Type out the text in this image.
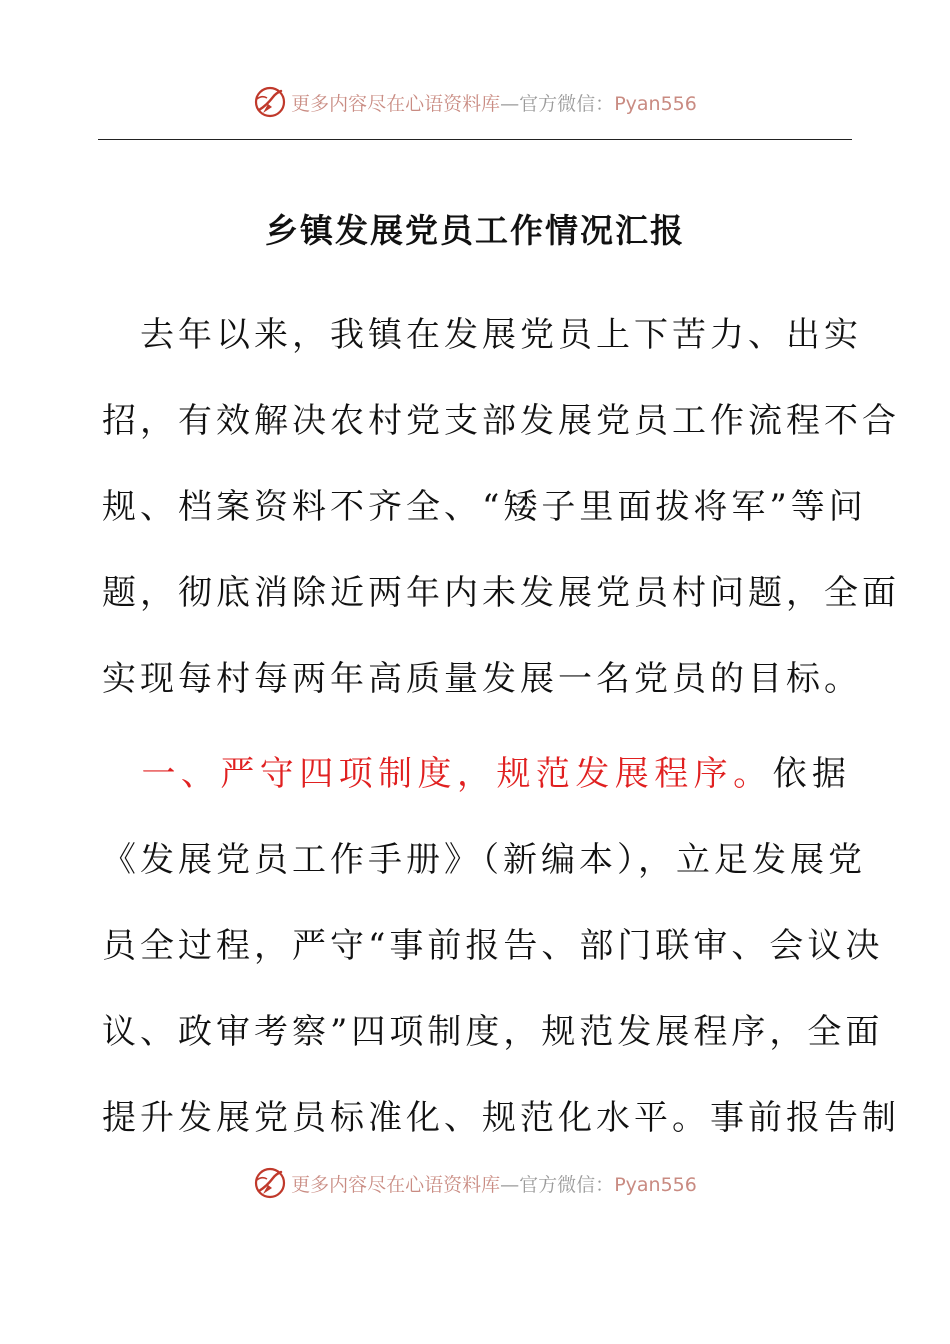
更多内容尽在心语资料库—官方微信：Pyan556
乡镇发展党员工作情况汇报
　去年以来，我镇在发展党员上下苦力、出实
招，有效解决农村党支部发展党员工作流程不合
规、档案资料不齐全、“矮子里面拔将军”等问
题，彻底消除近两年内未发展党员村问题，全面
实现每村每两年高质量发展一名党员的目标。
　一、严守四项制度，规范发展程序。依据
《发展党员工作手册》（新编本），立足发展党
员全过程，严守“事前报告、部门联审、会议决
议、政审考察”四项制度，规范发展程序，全面
提升发展党员标准化、规范化水平。事前报告制
更多内容尽在心语资料库—官方微信：Pyan556
